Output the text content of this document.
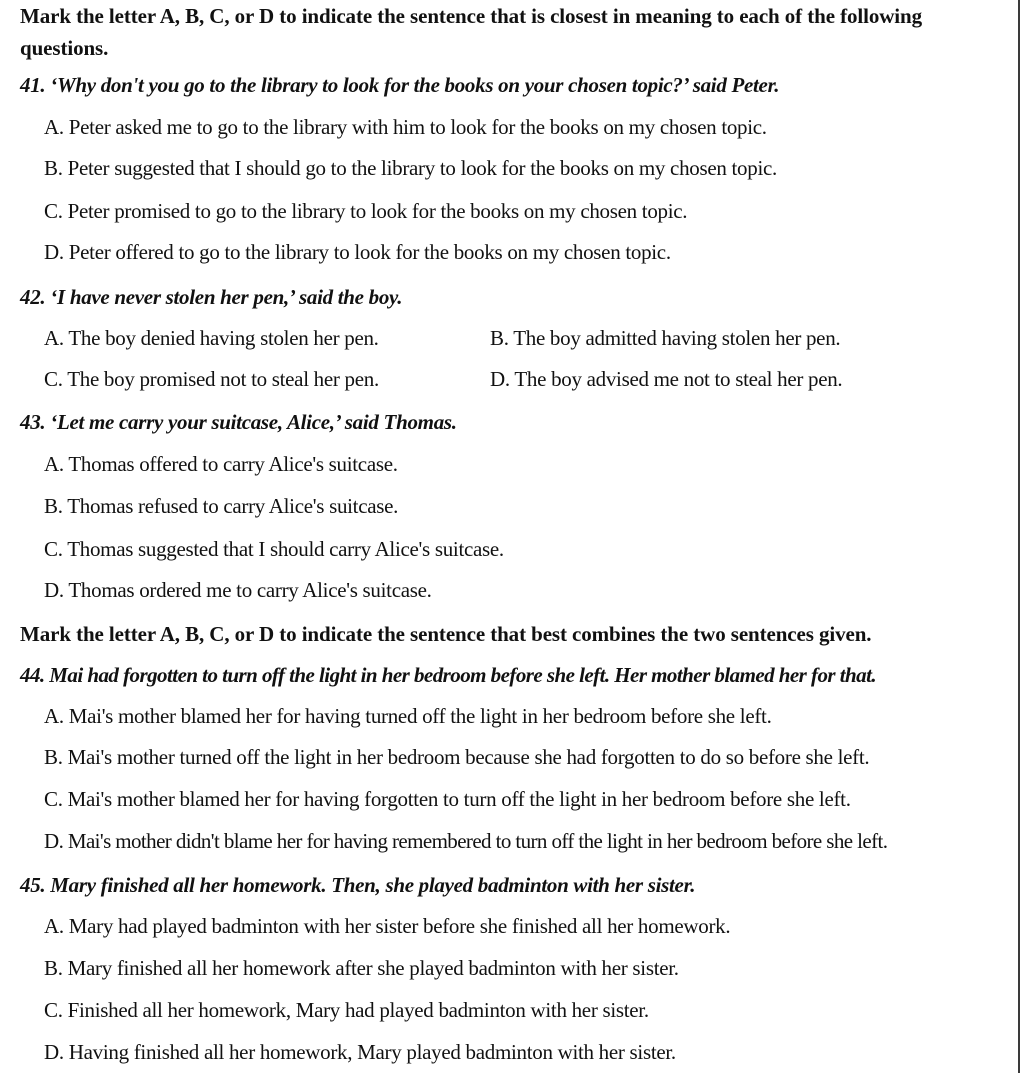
Mark the letter A, B, C, or D to indicate the sentence that is closest in meaning to each of the following
questions.
41. ‘Why don't you go to the library to look for the books on your chosen topic?’ said Peter.
A. Peter asked me to go to the library with him to look for the books on my chosen topic.
B. Peter suggested that I should go to the library to look for the books on my chosen topic.
C. Peter promised to go to the library to look for the books on my chosen topic.
D. Peter offered to go to the library to look for the books on my chosen topic.
42. ‘I have never stolen her pen,’ said the boy.
A. The boy denied having stolen her pen.	B. The boy admitted having stolen her pen.
C. The boy promised not to steal her pen.	D. The boy advised me not to steal her pen.
43. ‘Let me carry your suitcase, Alice,’ said Thomas.
A. Thomas offered to carry Alice's suitcase.
B. Thomas refused to carry Alice's suitcase.
C. Thomas suggested that I should carry Alice's suitcase.
D. Thomas ordered me to carry Alice's suitcase.
Mark the letter A, B, C, or D to indicate the sentence that best combines the two sentences given.
44. Mai had forgotten to turn off the light in her bedroom before she left. Her mother blamed her for that.
A. Mai's mother blamed her for having turned off the light in her bedroom before she left.
B. Mai's mother turned off the light in her bedroom because she had forgotten to do so before she left.
C. Mai's mother blamed her for having forgotten to turn off the light in her bedroom before she left.
D. Mai's mother didn't blame her for having remembered to turn off the light in her bedroom before she left.
45. Mary finished all her homework. Then, she played badminton with her sister.
A. Mary had played badminton with her sister before she finished all her homework.
B. Mary finished all her homework after she played badminton with her sister.
C. Finished all her homework, Mary had played badminton with her sister.
D. Having finished all her homework, Mary played badminton with her sister.
